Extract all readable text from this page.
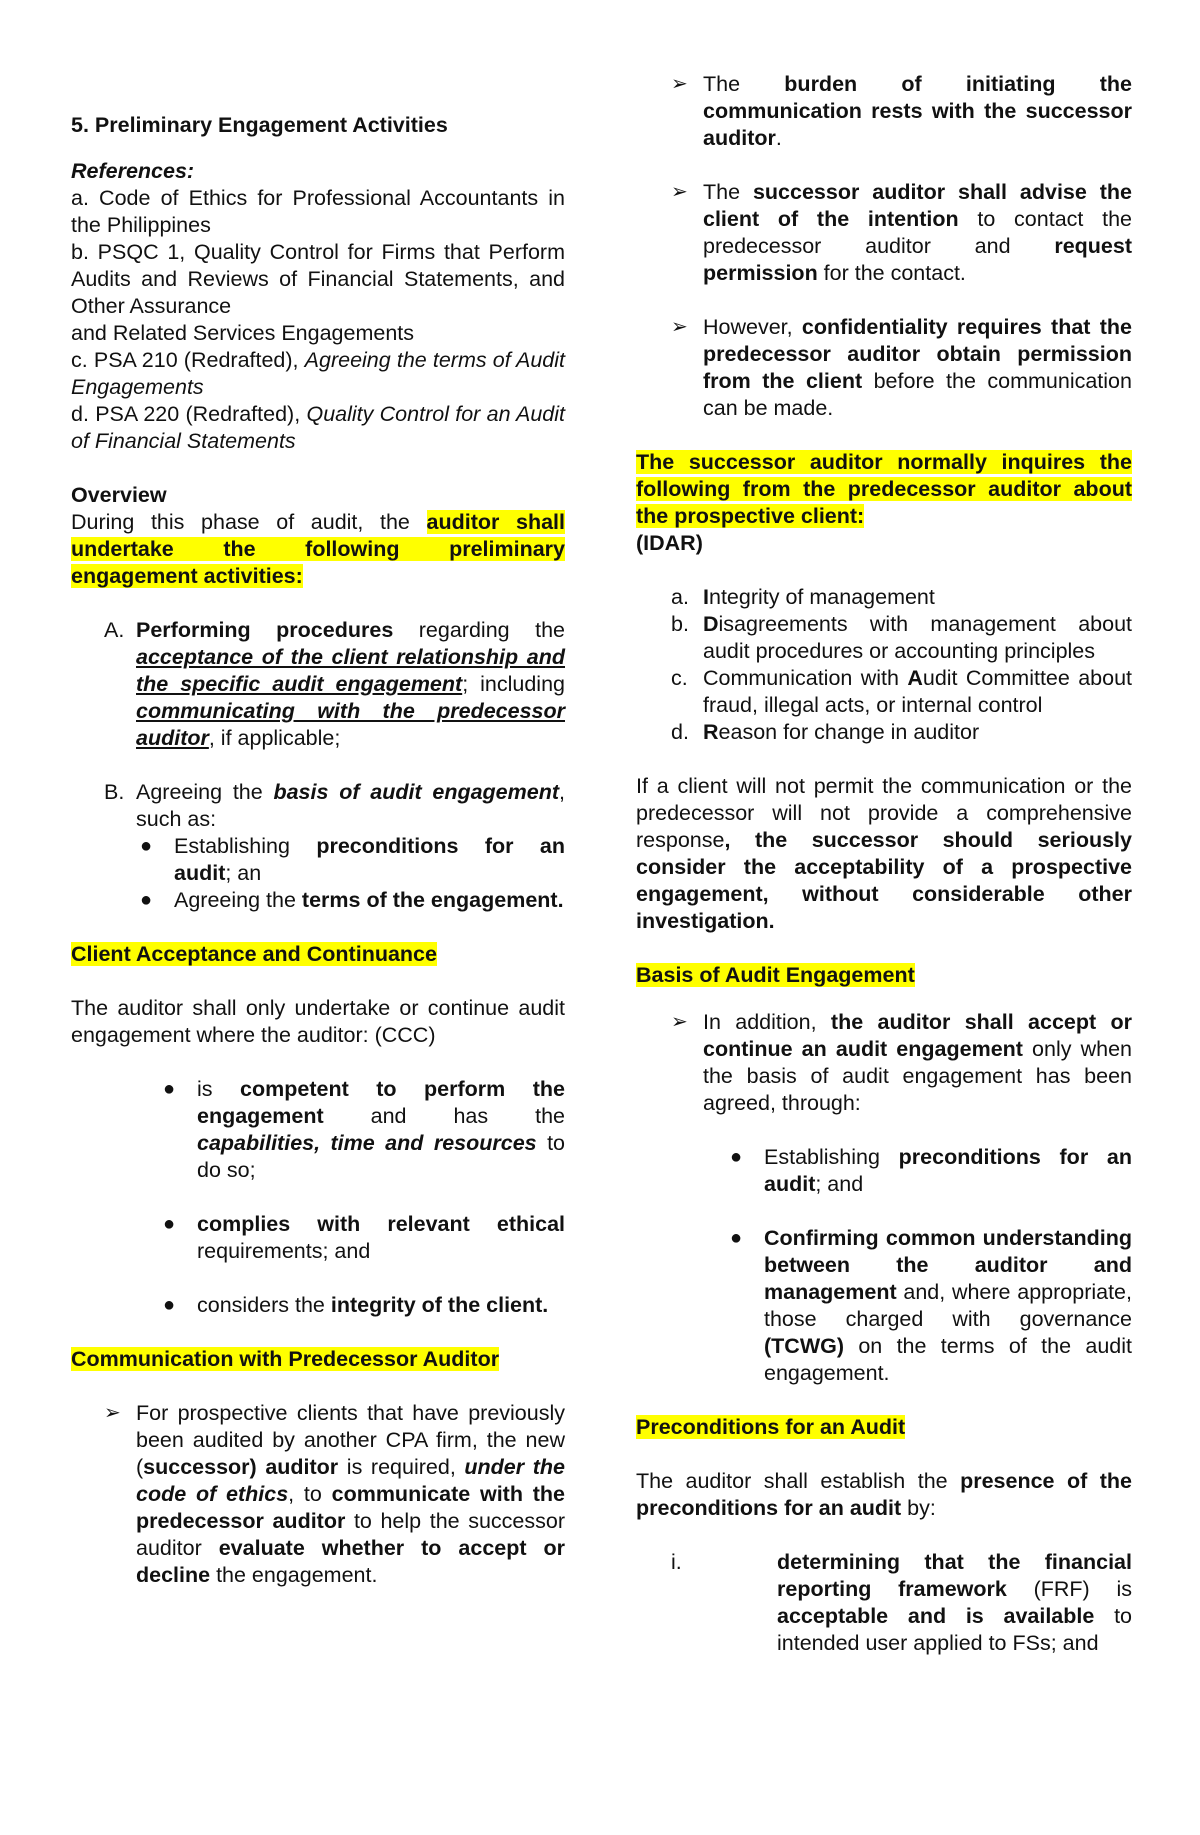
5. Preliminary Engagement Activities

References:

a. Code of Ethics for Professional Accountants in the Philippines

b. PSQC 1, Quality Control for Firms that Perform Audits and Reviews of Financial Statements, and Other Assurance

and Related Services Engagements

c. PSA 210 (Redrafted), Agreeing the terms of Audit Engagements

d. PSA 220 (Redrafted), Quality Control for an Audit of Financial Statements

Overview

During this phase of audit, the auditor shall undertake the following preliminary engagement activities:

A. Performing procedures regarding the acceptance of the client relationship and the specific audit engagement; including communicating with the predecessor auditor, if applicable;

B. Agreeing the basis of audit engagement, such as:

●	Establishing preconditions for an audit; an

●	Agreeing the terms of the engagement.

Client Acceptance and Continuance

The auditor shall only undertake or continue audit engagement where the auditor: (CCC)

●	is competent to perform the engagement and has the capabilities, time and resources to do so;

●	complies with relevant ethical requirements; and

●	considers the integrity of the client.

Communication with Predecessor Auditor

➢ For prospective clients that have previously been audited by another CPA firm, the new (successor) auditor is required, under the code of ethics, to communicate with the predecessor auditor to help the successor auditor evaluate whether to accept or decline the engagement.

➢ The burden of initiating the communication rests with the successor auditor.

➢ The successor auditor shall advise the client of the intention to contact the predecessor auditor and request permission for the contact.

➢ However, confidentiality requires that the predecessor auditor obtain permission from the client before the communication can be made.

The successor auditor normally inquires the following from the predecessor auditor about the prospective client:

(IDAR)

a. Integrity of management

b. Disagreements with management about audit procedures or accounting principles

c. Communication with Audit Committee about fraud, illegal acts, or internal control

d. Reason for change in auditor

If a client will not permit the communication or the predecessor will not provide a comprehensive response, the successor should seriously consider the acceptability of a prospective engagement, without considerable other investigation.

Basis of Audit Engagement

➢ In addition, the auditor shall accept or continue an audit engagement only when the basis of audit engagement has been agreed, through:

●	Establishing preconditions for an audit; and

●	Confirming common understanding between the auditor and management and, where appropriate, those charged with governance (TCWG) on the terms of the audit engagement.

Preconditions for an Audit

The auditor shall establish the presence of the preconditions for an audit by:

i.	determining that the financial reporting framework (FRF) is acceptable and is available to intended user applied to FSs; and
